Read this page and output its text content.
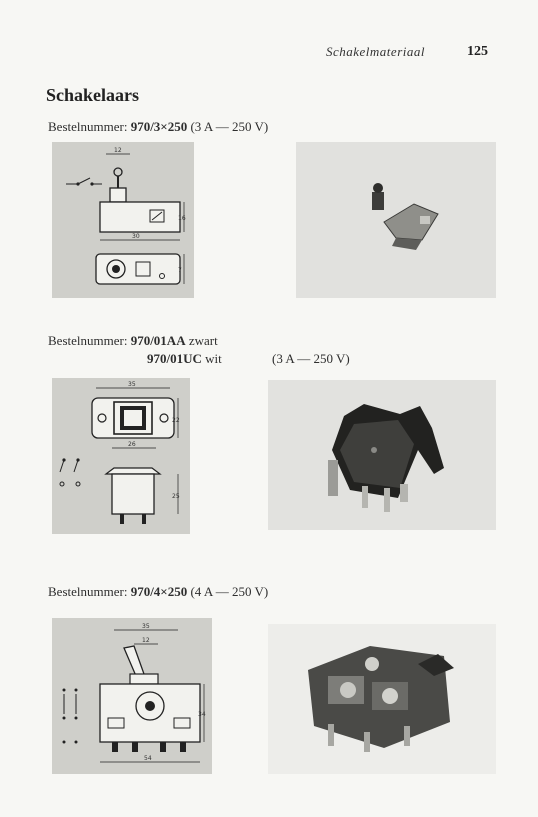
Schakelmateriaal	125
Schakelaars
Bestelnummer: 970/3×250 (3 A — 250 V)
12
16
30
7
Bestelnummer: 970/01AA zwart
970/01UC wit	(3 A — 250 V)
35
22
26
25
Bestelnummer: 970/4×250 (4 A — 250 V)
35
12
34
54
